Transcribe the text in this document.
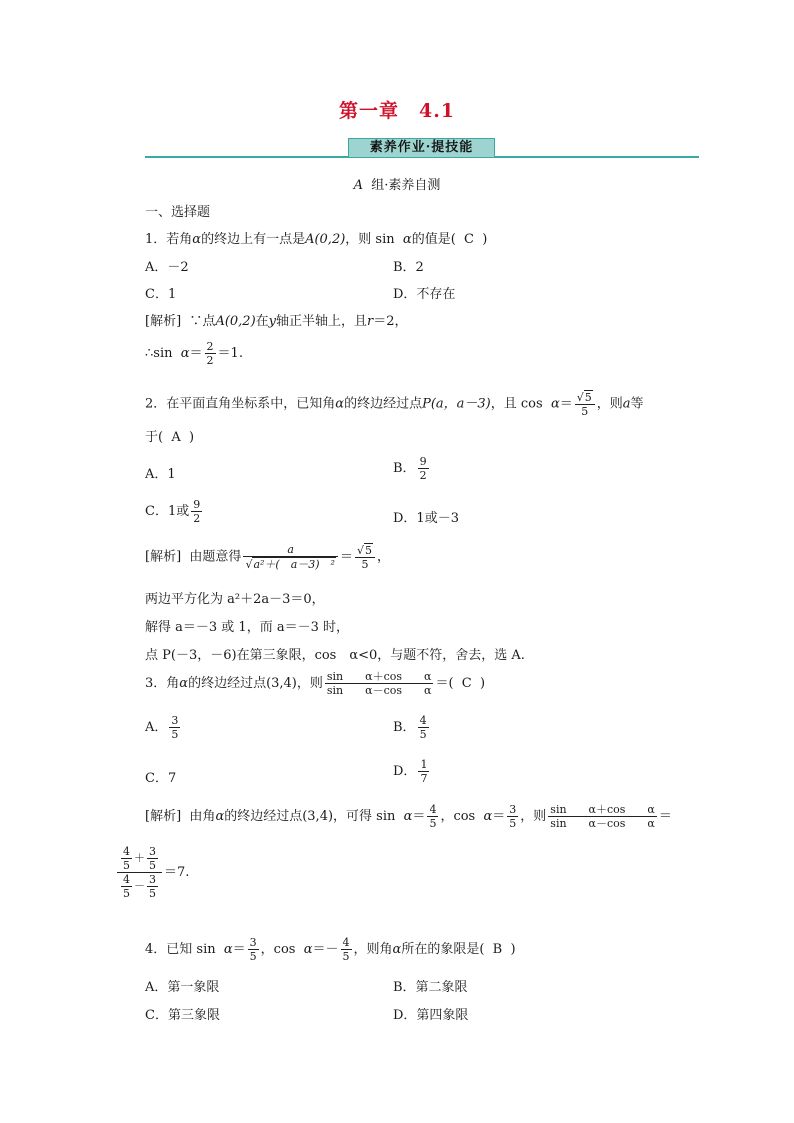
第一章　4.1
素养作业·提技能
A 组·素养自测
一、选择题
1．若角α的终边上有一点是A(0,2)，则 sin α的值是( C )
A．－2	B．2
C．1	D．不存在
[解析] ∵点A(0,2)在y轴正半轴上，且r＝2，
∴sin $\alpha= \frac{2}{2} =1$.
2．在平面直角坐标系中，已知角α的终边经过点P(a，a－3)，且 $\cos \alpha= \frac{√5}{5}$ ，则a等
于( A )
A．1	B． $\frac{9}{2}$
C．1或 $\frac{9}{2}$	D．1或－3
[解析] 由题意得 $\frac{a}{\text{√a²＋(　a－3)　²}} = \frac{√5}{5}$ ，
两边平方化为 a²＋2a－3＝0，
解得 a＝－3 或 1，而 a＝－3 时，
点 P(－3，－6)在第三象限，cos　α<0，与题不符，舍去，选 A.
3．角α的终边经过点(3,4)，则 $\frac{\text{sin　　α＋cos　　α}}{\text{sin　　α－cos　　α}}$ ＝( C )
A． $\frac{3}{5}$	B． $\frac{4}{5}$
C．7	D． $\frac{1}{7}$
[解析] 由角α的终边经过点(3,4)，可得 $\sin \alpha= \frac{4}{5}$ ，$\cos \alpha= \frac{3}{5}$ ，则 $\frac{\text{sin　　α＋cos　　α}}{\text{sin　　α－cos　　α}}$ ＝
$\frac{\frac{4}{5} + \frac{3}{5}}{\frac{4}{5} - \frac{3}{5}} =7$.
4．已知 $\sin \alpha= \frac{3}{5}$ ，$\cos \alpha=- \frac{4}{5}$ ，则角α所在的象限是( B )
A．第一象限	B．第二象限
C．第三象限	D．第四象限
